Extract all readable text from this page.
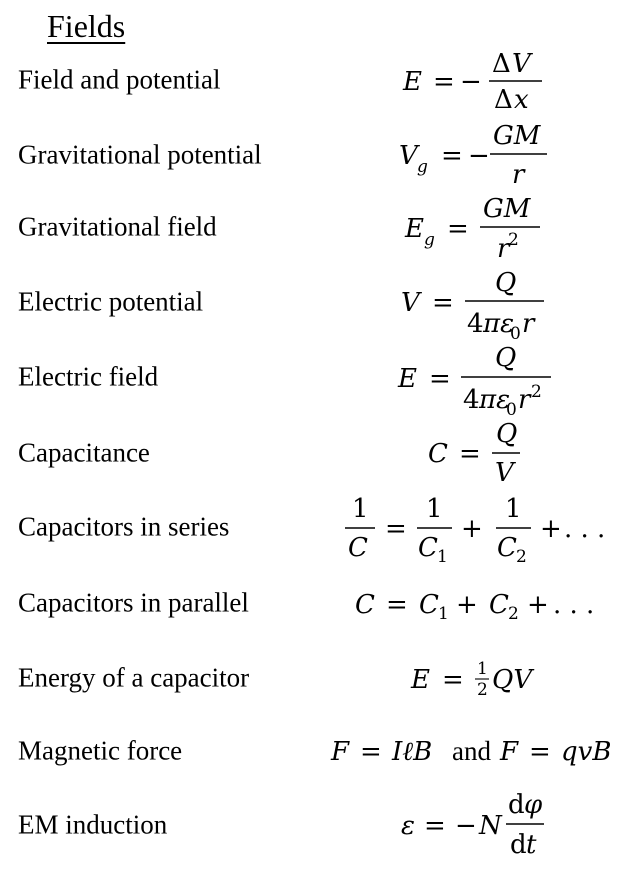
Fields
Field and potential
Gravitational potential
Gravitational field
Electric potential
Electric field
Capacitance
Capacitors in series
Capacitors in parallel
Energy of a capacitor
Magnetic force
EM induction
E = −
Δ V
Δ x
V g = −
GM
r
E g =
GM
r
2
V =
Q
4 πε
0 r
E =
Q
4 πε
0 r 2
C =
Q
V
1
C
=
1
C 1
+
1
C 2
+ . . .
C = C 1 + C 2 + . . .
E = 1
2 QV
F = IℓB and F = qvB
ε = − N
d φ
d t
